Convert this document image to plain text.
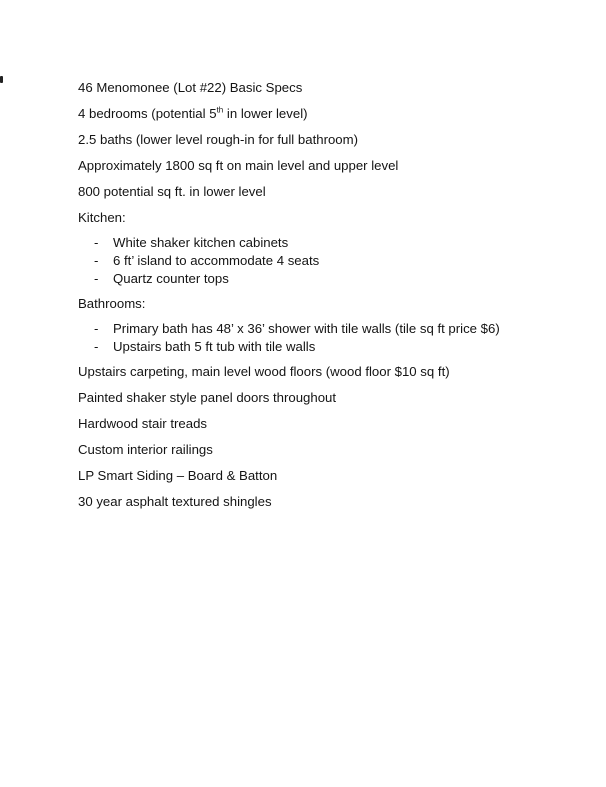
46 Menomonee (Lot #22) Basic Specs

4 bedrooms (potential 5th in lower level)

2.5 baths (lower level rough-in for full bathroom)

Approximately 1800 sq ft on main level and upper level

800 potential sq ft. in lower level

Kitchen:

- White shaker kitchen cabinets
- 6 ft’ island to accommodate 4 seats
- Quartz counter tops

Bathrooms:

- Primary bath has 48’ x 36’ shower with tile walls (tile sq ft price $6)
- Upstairs bath 5 ft tub with tile walls

Upstairs carpeting, main level wood floors (wood floor $10 sq ft)

Painted shaker style panel doors throughout

Hardwood stair treads

Custom interior railings

LP Smart Siding – Board & Batton

30 year asphalt textured shingles
